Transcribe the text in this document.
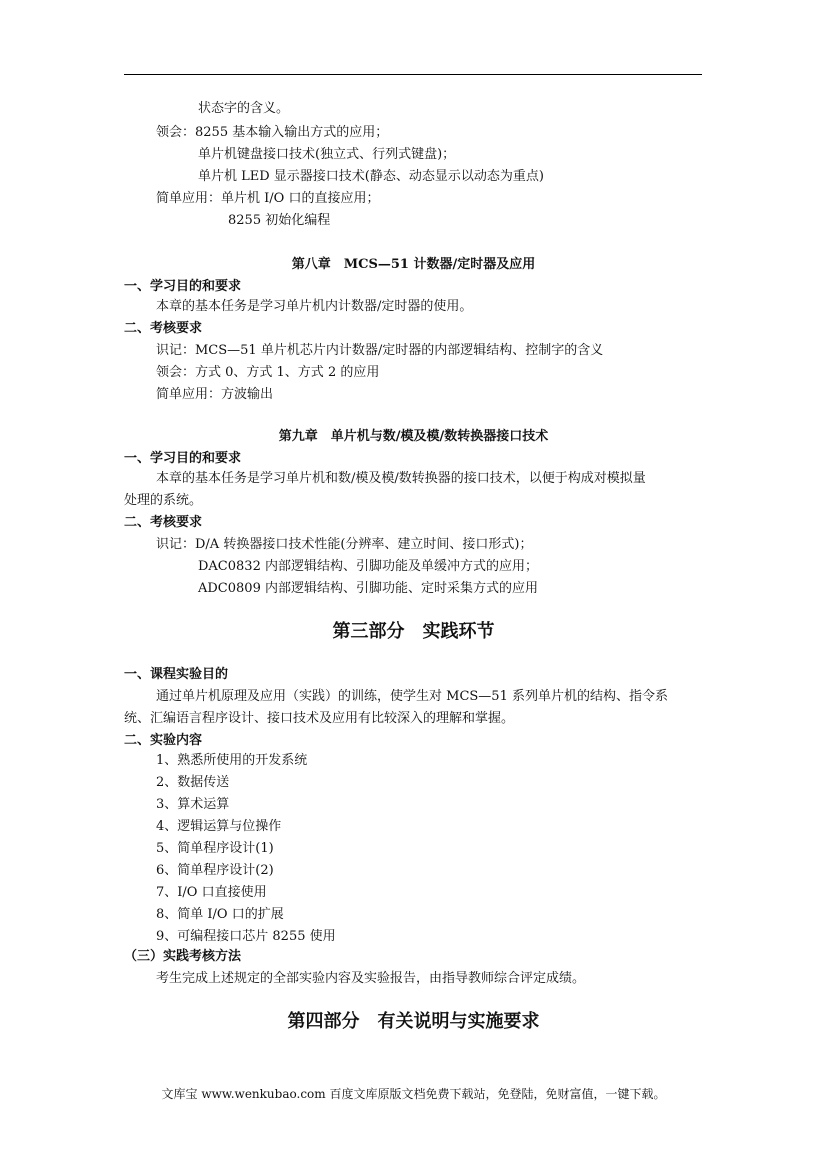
状态字的含义。
领会：8255 基本输入输出方式的应用；
单片机键盘接口技术(独立式、行列式键盘)；
单片机 LED 显示器接口技术(静态、动态显示以动态为重点)
简单应用：单片机 I/O 口的直接应用；
8255 初始化编程
第八章　MCS—51 计数器/定时器及应用
一、学习目的和要求
本章的基本任务是学习单片机内计数器/定时器的使用。
二、考核要求
识记：MCS—51 单片机芯片内计数器/定时器的内部逻辑结构、控制字的含义
领会：方式 0、方式 1、方式 2 的应用
简单应用：方波输出
第九章　单片机与数/模及模/数转换器接口技术
一、学习目的和要求
本章的基本任务是学习单片机和数/模及模/数转换器的接口技术，以便于构成对模拟量
处理的系统。
二、考核要求
识记：D/A 转换器接口技术性能(分辨率、建立时间、接口形式)；
DAC0832 内部逻辑结构、引脚功能及单缓冲方式的应用；
ADC0809 内部逻辑结构、引脚功能、定时采集方式的应用
第三部分　实践环节
一、课程实验目的
通过单片机原理及应用（实践）的训练，使学生对 MCS—51 系列单片机的结构、指令系
统、汇编语言程序设计、接口技术及应用有比较深入的理解和掌握。
二、实验内容
1、熟悉所使用的开发系统
2、数据传送
3、算术运算
4、逻辑运算与位操作
5、简单程序设计(1)
6、简单程序设计(2)
7、I/O 口直接使用
8、简单 I/O 口的扩展
9、可编程接口芯片 8255 使用
（三）实践考核方法
考生完成上述规定的全部实验内容及实验报告，由指导教师综合评定成绩。
第四部分　有关说明与实施要求
文库宝 www.wenkubao.com 百度文库原版文档免费下载站，免登陆，免财富值，一键下载。
